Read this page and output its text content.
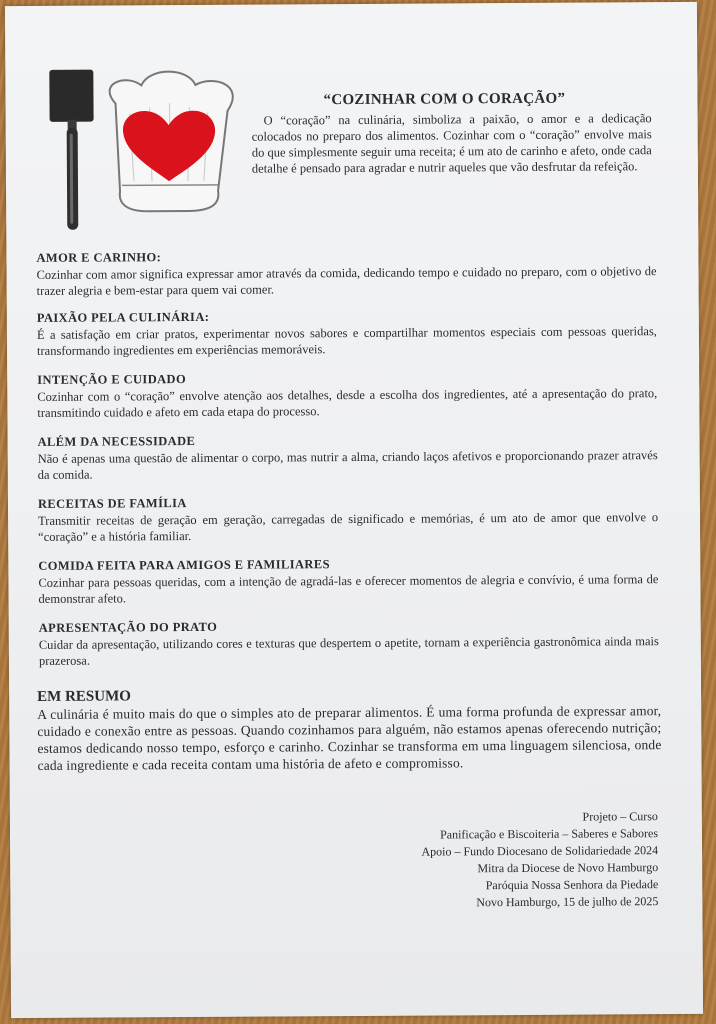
“COZINHAR COM O CORAÇÃO”
O “coração” na culinária, simboliza a paixão, o amor e a dedicação colocados no preparo dos alimentos. Cozinhar com o “coração” envolve mais do que simplesmente seguir uma receita; é um ato de carinho e afeto, onde cada detalhe é pensado para agradar e nutrir aqueles que vão desfrutar da refeição.
AMOR E CARINHO:
Cozinhar com amor significa expressar amor através da comida, dedicando tempo e cuidado no preparo, com o objetivo de trazer alegria e bem-estar para quem vai comer.
PAIXÃO PELA CULINÁRIA:
É a satisfação em criar pratos, experimentar novos sabores e compartilhar momentos especiais com pessoas queridas, transformando ingredientes em experiências memoráveis.
INTENÇÃO E CUIDADO
Cozinhar com o “coração” envolve atenção aos detalhes, desde a escolha dos ingredientes, até a apresentação do prato, transmitindo cuidado e afeto em cada etapa do processo.
ALÉM DA NECESSIDADE
Não é apenas uma questão de alimentar o corpo, mas nutrir a alma, criando laços afetivos e proporcionando prazer através da comida.
RECEITAS DE FAMÍLIA
Transmitir receitas de geração em geração, carregadas de significado e memórias, é um ato de amor que envolve o “coração” e a história familiar.
COMIDA FEITA PARA AMIGOS E FAMILIARES
Cozinhar para pessoas queridas, com a intenção de agradá-las e oferecer momentos de alegria e convívio, é uma forma de demonstrar afeto.
APRESENTAÇÃO DO PRATO
Cuidar da apresentação, utilizando cores e texturas que despertem o apetite, tornam a experiência gastronômica ainda mais prazerosa.
EM RESUMO
A culinária é muito mais do que o simples ato de preparar alimentos. É uma forma profunda de expressar amor, cuidado e conexão entre as pessoas. Quando cozinhamos para alguém, não estamos apenas oferecendo nutrição; estamos dedicando nosso tempo, esforço e carinho. Cozinhar se transforma em uma linguagem silenciosa, onde cada ingrediente e cada receita contam uma história de afeto e compromisso.
Projeto – Curso
Panificação e Biscoiteria – Saberes e Sabores
Apoio – Fundo Diocesano de Solidariedade 2024
Mitra da Diocese de Novo Hamburgo
Paróquia Nossa Senhora da Piedade
Novo Hamburgo, 15 de julho de 2025
